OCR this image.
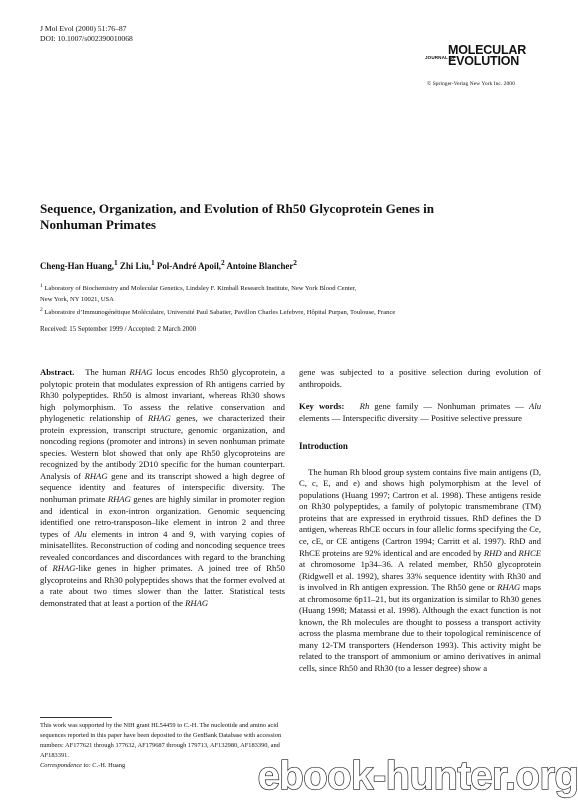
J Mol Evol (2000) 51:76–87
DOI: 10.1007/s002390010068
JOURNAL OF
MOLECULAR
EVOLUTION
© Springer-Verlag New York Inc. 2000
Sequence, Organization, and Evolution of Rh50 Glycoprotein Genes in
Nonhuman Primates
Cheng-Han Huang,$^1$ Zhi Liu,$^1$ Pol-André Apoil,$^2$ Antoine Blancher$^2$
$^1$ Laboratory of Biochemistry and Molecular Genetics, Lindsley F. Kimball Research Institute, New York Blood Center,
New York, NY 10021, USA
$^2$ Laboratoire d’Immunogénétique Moléculaire, Université Paul Sabatier, Pavillon Charles Lefebvre, Hôpital Purpan, Toulouse, France
Received: 15 September 1999 / Accepted: 2 March 2000
Abstract. The human RHAG locus encodes Rh50 glycoprotein, a polytopic protein that modulates expression of Rh antigens carried by Rh30 polypeptides. Rh50 is almost invariant, whereas Rh30 shows high polymorphism. To assess the relative conservation and phylogenetic relationship of RHAG genes, we characterized their protein expression, transcript structure, genomic organization, and noncoding regions (promoter and introns) in seven nonhuman primate species. Western blot showed that only ape Rh50 glycoproteins are recognized by the antibody 2D10 specific for the human counterpart. Analysis of RHAG gene and its transcript showed a high degree of sequence identity and features of interspecific diversity. The nonhuman primate RHAG genes are highly similar in promoter region and identical in exon-intron organization. Genomic sequencing identified one retro-transposon–like element in intron 2 and three types of Alu elements in intron 4 and 9, with varying copies of minisatellites. Reconstruction of coding and noncoding sequence trees revealed concordances and discordances with regard to the branching of RHAG-like genes in higher primates. A joined tree of Rh50 glycoproteins and Rh30 polypeptides shows that the former evolved at a rate about two times slower than the latter. Statistical tests demonstrated that at least a portion of the RHAG
gene was subjected to a positive selection during evolution of anthropoids.
Key words: Rh gene family — Nonhuman primates — Alu elements — Interspecific diversity — Positive selective pressure
Introduction
The human Rh blood group system contains five main antigens (D, C, c, E, and e) and shows high polymorphism at the level of populations (Huang 1997; Cartron et al. 1998). These antigens reside on Rh30 polypeptides, a family of polytopic transmembrane (TM) proteins that are expressed in erythroid tissues. RhD defines the D antigen, whereas RhCE occurs in four allelic forms specifying the Ce, ce, cE, or CE antigens (Cartron 1994; Carritt et al. 1997). RhD and RhCE proteins are 92% identical and are encoded by RHD and RHCE at chromosome 1p34–36. A related member, Rh50 glycoprotein (Ridgwell et al. 1992), shares 33% sequence identity with Rh30 and is involved in Rh antigen expression. The Rh50 gene or RHAG maps at chromosome 6p11–21, but its organization is similar to Rh30 genes (Huang 1998; Matassi et al. 1998). Although the exact function is not known, the Rh molecules are thought to possess a transport activity across the plasma membrane due to their topological reminiscence of many 12-TM transporters (Henderson 1993). This activity might be related to the transport of ammonium or amino derivatives in animal cells, since Rh50 and Rh30 (to a lesser degree) show a
This work was supported by the NIH grant HL54459 to C.-H. The nucleotide and amino acid sequences reported in this paper have been deposited to the GenBank Database with accession numbers: AF177621 through 177632, AF179687 through 179713, AF132980, AF183390, and AF183391.
Correspondence to: C.-H. Huang	ebook-hunter.org
